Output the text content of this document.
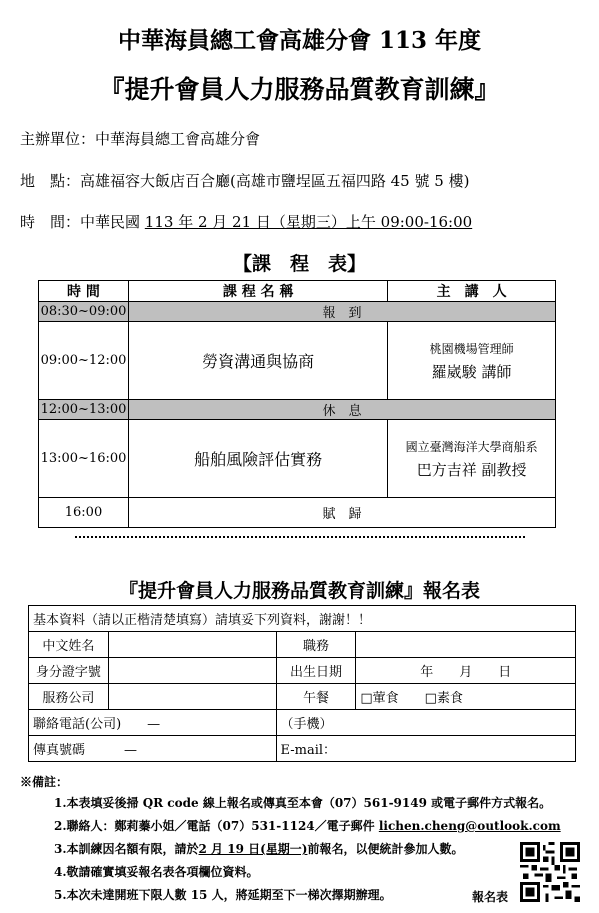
中華海員總工會高雄分會 113 年度
『提升會員人力服務品質教育訓練』
主辦單位：中華海員總工會高雄分會
地　點：高雄福容大飯店百合廳(高雄市鹽埕區五福四路 45 號 5 樓)
時　間：中華民國 113 年 2 月 21 日（星期三）上午 09:00-16:00
【課　程　表】
時 間	課 程 名 稱	主　講　人
08:30~09:00	報　到	
09:00~12:00	勞資溝通與協商	桃園機場管理師
羅崴駿 講師

12:00~13:00	休　息	
13:00~16:00	船舶風險評估實務	國立臺灣海洋大學商船系
巴方吉祥 副教授

16:00	賦　歸	
『提升會員人力服務品質教育訓練』報名表
基本資料（請以正楷清楚填寫）請填妥下列資料，謝謝！！			
中文姓名		職務	
身分證字號		出生日期	年　　月　　日
服務公司		午餐	□葷食　　□素食
聯絡電話(公司)　　—		（手機）	
傳真號碼　　　—		E-mail：	
※備註：
1.本表填妥後掃 QR code 線上報名或傳真至本會（07）561-9149 或電子郵件方式報名。
2.聯絡人：鄭莉蓁小姐／電話（07）531-1124／電子郵件 lichen.cheng@outlook.com
3.本訓練因名額有限，請於2 月 19 日(星期一)前報名，以便統計參加人數。
4.敬請確實填妥報名表各項欄位資料。
5.本次未達開班下限人數 15 人，將延期至下一梯次擇期辦理。	報名表
